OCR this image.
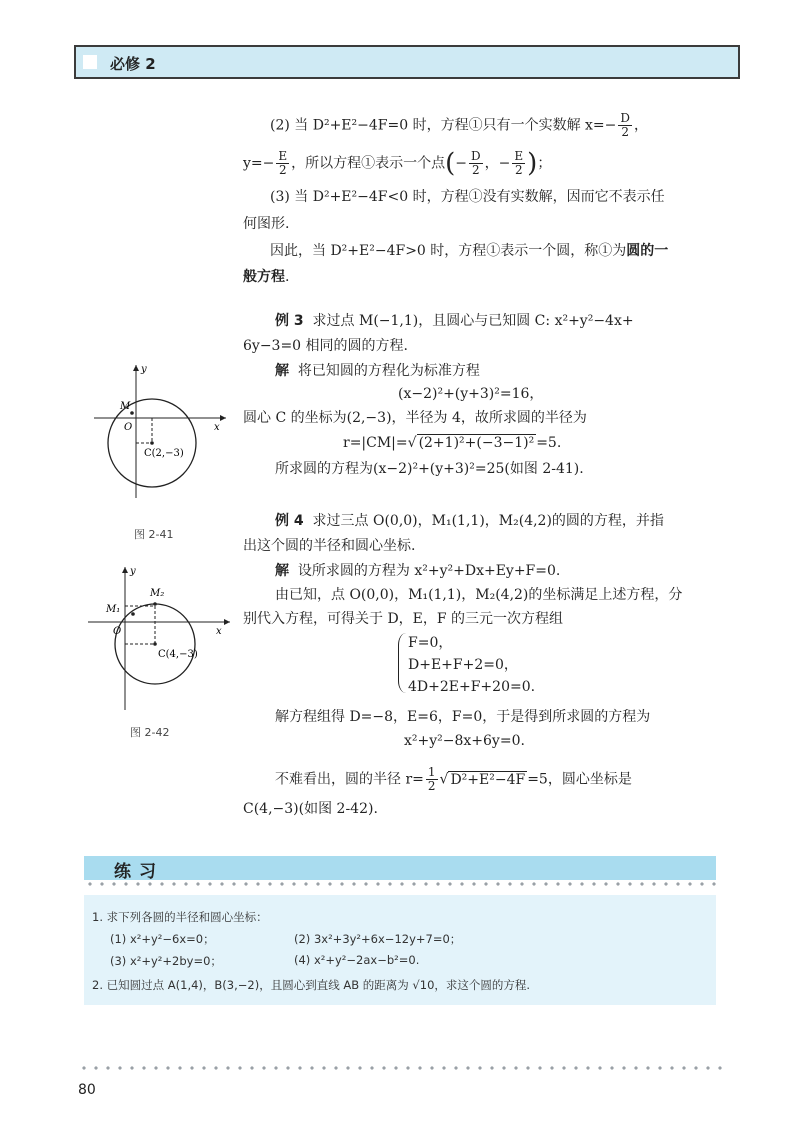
必修 2
(2) 当 D²+E²−4F=0 时，方程①只有一个实数解 $x=- \frac{D}{2}$ ，
$y=- \frac{E}{2}$ ，所以方程①表示一个点(− $\frac{D}{2}$ ，− $\frac{E}{2}$ )；
(3) 当 D²+E²−4F<0 时，方程①没有实数解，因而它不表示任
何图形.
因此，当 D²+E²−4F>0 时，方程①表示一个圆，称①为圆的一
般方程.
例 3 求过点 M(−1,1)，且圆心与已知圆 C: x²+y²−4x+
6y−3=0 相同的圆的方程.
解 将已知圆的方程化为标准方程
(x−2)²+(y+3)²=16，
圆心 C 的坐标为(2,−3)，半径为 4，故所求圆的半径为
r=|CM|=√ (2+1)²+(−3−1)² =5.
所求圆的方程为(x−2)²+(y+3)²=25(如图 2-41).
y
x
O
M
C(2,−3)
图 2-41
例 4 求过三点 O(0,0)，M₁(1,1)，M₂(4,2)的圆的方程，并指
出这个圆的半径和圆心坐标.
解 设所求圆的方程为 x²+y²+Dx+Ey+F=0.
由已知，点 O(0,0)，M₁(1,1)，M₂(4,2)的坐标满足上述方程，分
别代入方程，可得关于 D，E，F 的三元一次方程组
F=0，
D+E+F+2=0，
4D+2E+F+20=0.
解方程组得 D=−8，E=6，F=0，于是得到所求圆的方程为
x²+y²−8x+6y=0.
不难看出，圆的半径 $r= \frac{1}{2}$ √ D²+E²−4F =5，圆心坐标是
C(4,−3)(如图 2-42).
y
x
O
M₁
M₂
C(4,−3)
图 2-42
练习
1. 求下列各圆的半径和圆心坐标：
(1) x²+y²−6x=0；	(2) 3x²+3y²+6x−12y+7=0；
(3) x²+y²+2by=0；	(4) x²+y²−2ax−b²=0.
2. 已知圆过点 A(1,4)，B(3,−2)，且圆心到直线 AB 的距离为 √10，求这个圆的方程.
80
